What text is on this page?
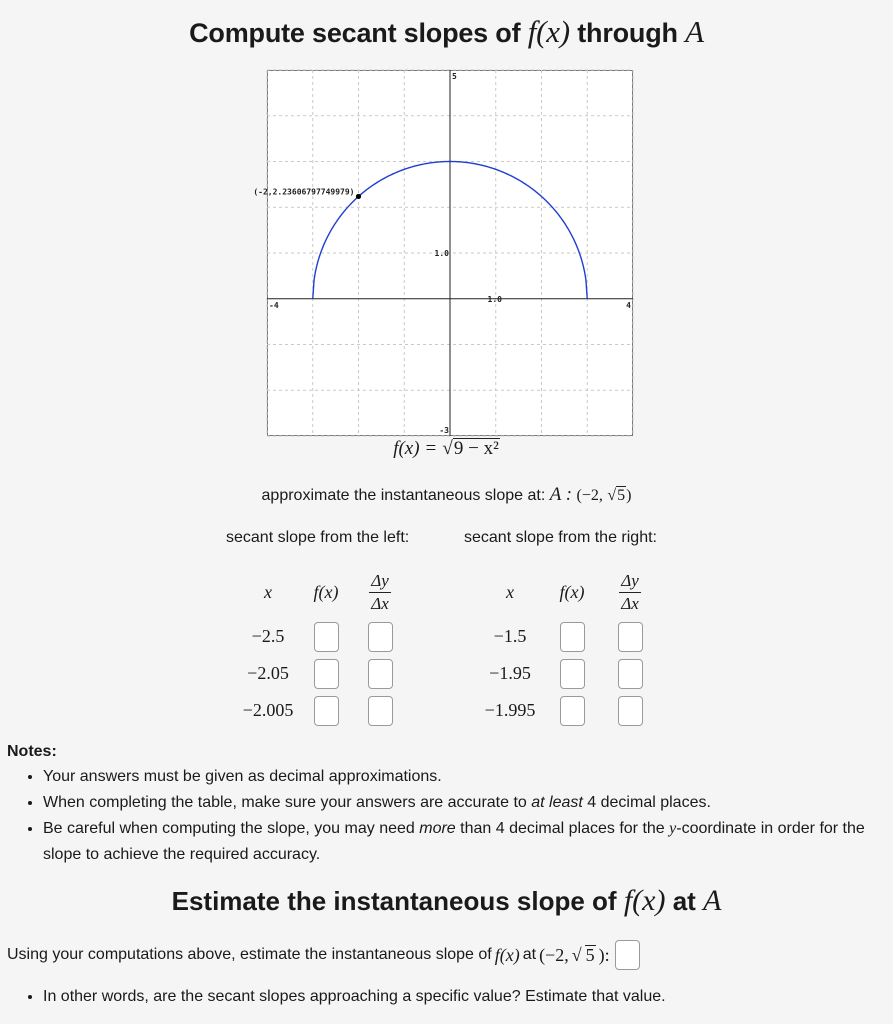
Compute secant slopes of f(x) through A
-4	4
5
-3
1.0
1.0
(-2,2.23606797749979)
f(x) = √9 − x²
approximate the instantaneous slope at: A : (−2, √5)
secant slope from the left:	secant slope from the right:
x	f(x)	$\frac{\Delta y}{\Delta x}$

−2.5		
−2.05		
−2.005		
x	f(x)	$\frac{\Delta y}{\Delta x}$

−1.5		
−1.95		
−1.995		
Notes:
• Your answers must be given as decimal approximations.
• When completing the table, make sure your answers are accurate to at least 4 decimal places.
• Be careful when computing the slope, you may need more than 4 decimal places for the y-coordinate in order for the slope to achieve the required accuracy.
Estimate the instantaneous slope of f(x) at A
Using your computations above, estimate the instantaneous slope of f(x) at (−2, √ 5 ):
• In other words, are the secant slopes approaching a specific value? Estimate that value.
